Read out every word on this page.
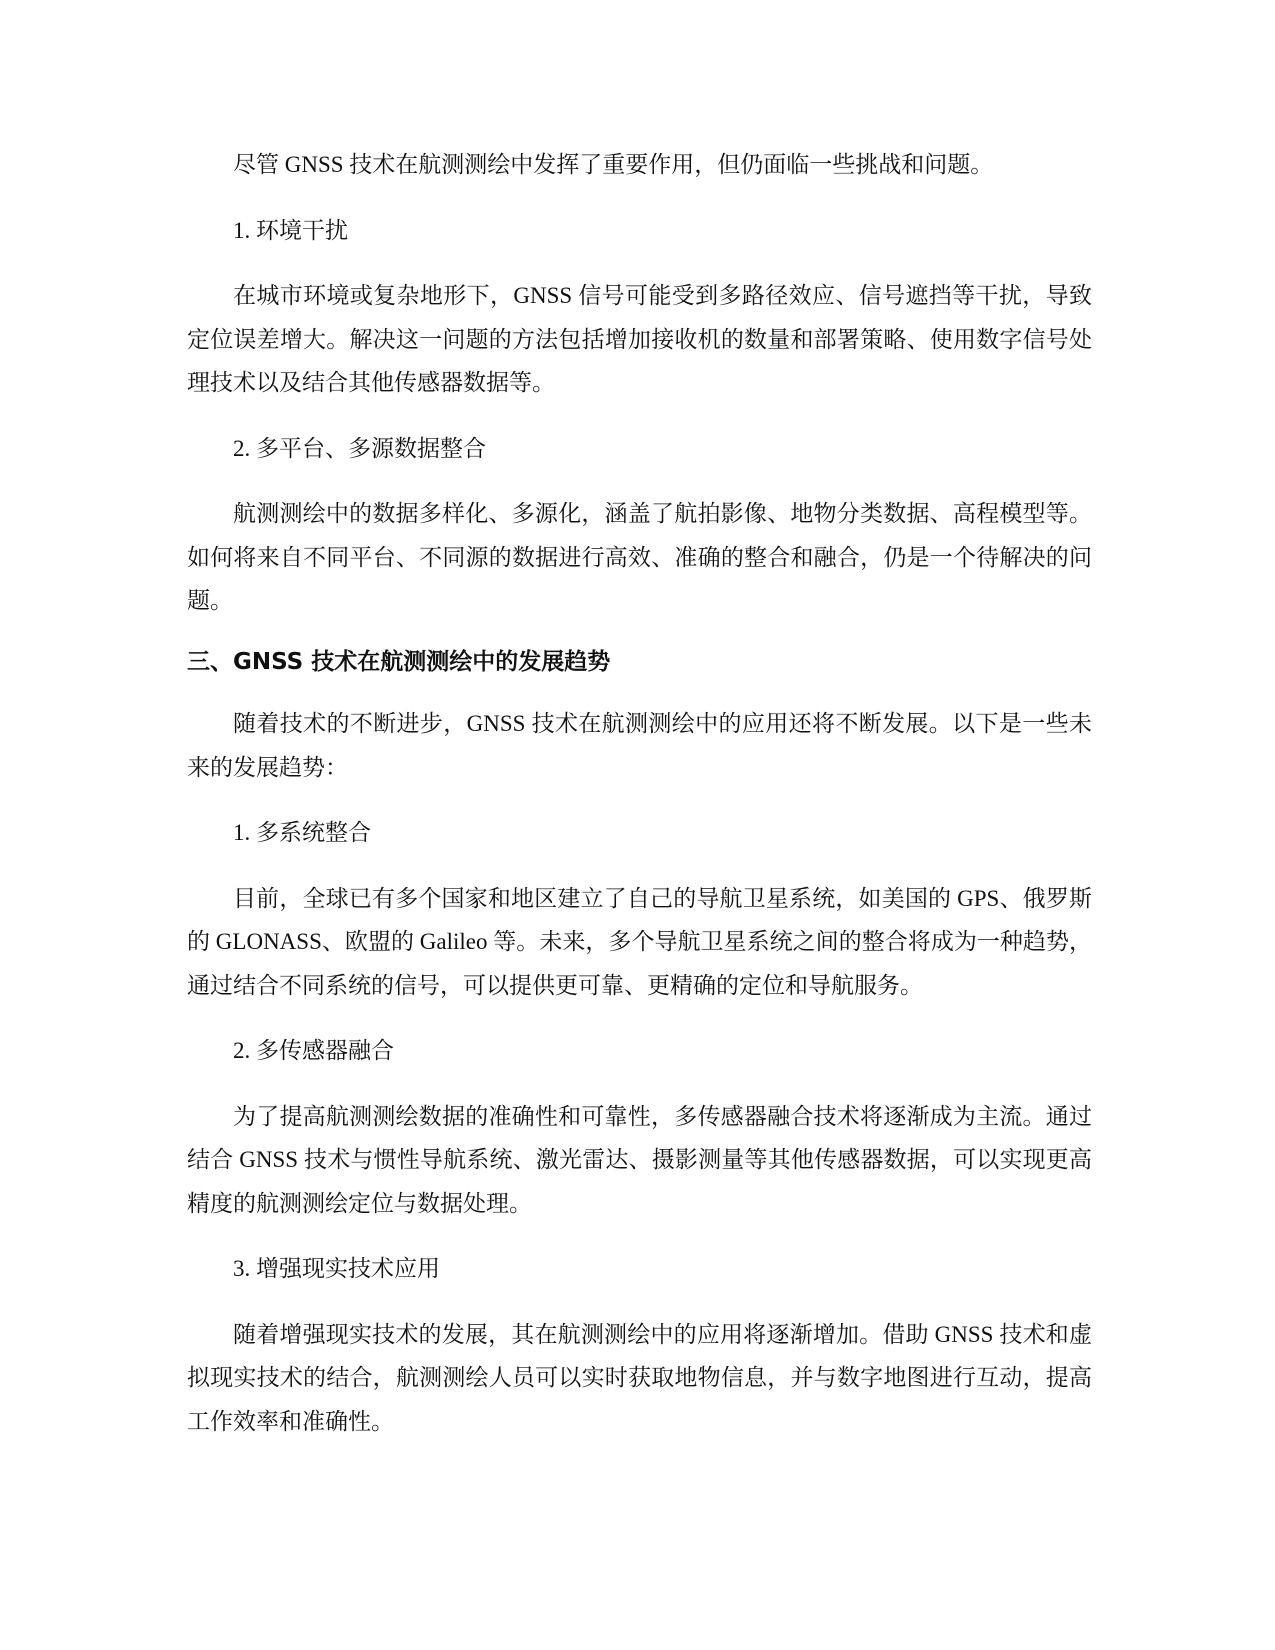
尽管 GNSS 技术在航测测绘中发挥了重要作用，但仍面临一些挑战和问题。

1. 环境干扰

在城市环境或复杂地形下，GNSS 信号可能受到多路径效应、信号遮挡等干扰，导致定位误差增大。解决这一问题的方法包括增加接收机的数量和部署策略、使用数字信号处理技术以及结合其他传感器数据等。

2. 多平台、多源数据整合

航测测绘中的数据多样化、多源化，涵盖了航拍影像、地物分类数据、高程模型等。如何将来自不同平台、不同源的数据进行高效、准确的整合和融合，仍是一个待解决的问题。

三、GNSS 技术在航测测绘中的发展趋势

随着技术的不断进步，GNSS 技术在航测测绘中的应用还将不断发展。以下是一些未来的发展趋势：

1. 多系统整合

目前，全球已有多个国家和地区建立了自己的导航卫星系统，如美国的 GPS、俄罗斯的 GLONASS、欧盟的 Galileo 等。未来，多个导航卫星系统之间的整合将成为一种趋势，通过结合不同系统的信号，可以提供更可靠、更精确的定位和导航服务。

2. 多传感器融合

为了提高航测测绘数据的准确性和可靠性，多传感器融合技术将逐渐成为主流。通过结合 GNSS 技术与惯性导航系统、激光雷达、摄影测量等其他传感器数据，可以实现更高精度的航测测绘定位与数据处理。

3. 增强现实技术应用

随着增强现实技术的发展，其在航测测绘中的应用将逐渐增加。借助 GNSS 技术和虚拟现实技术的结合，航测测绘人员可以实时获取地物信息，并与数字地图进行互动，提高工作效率和准确性。
